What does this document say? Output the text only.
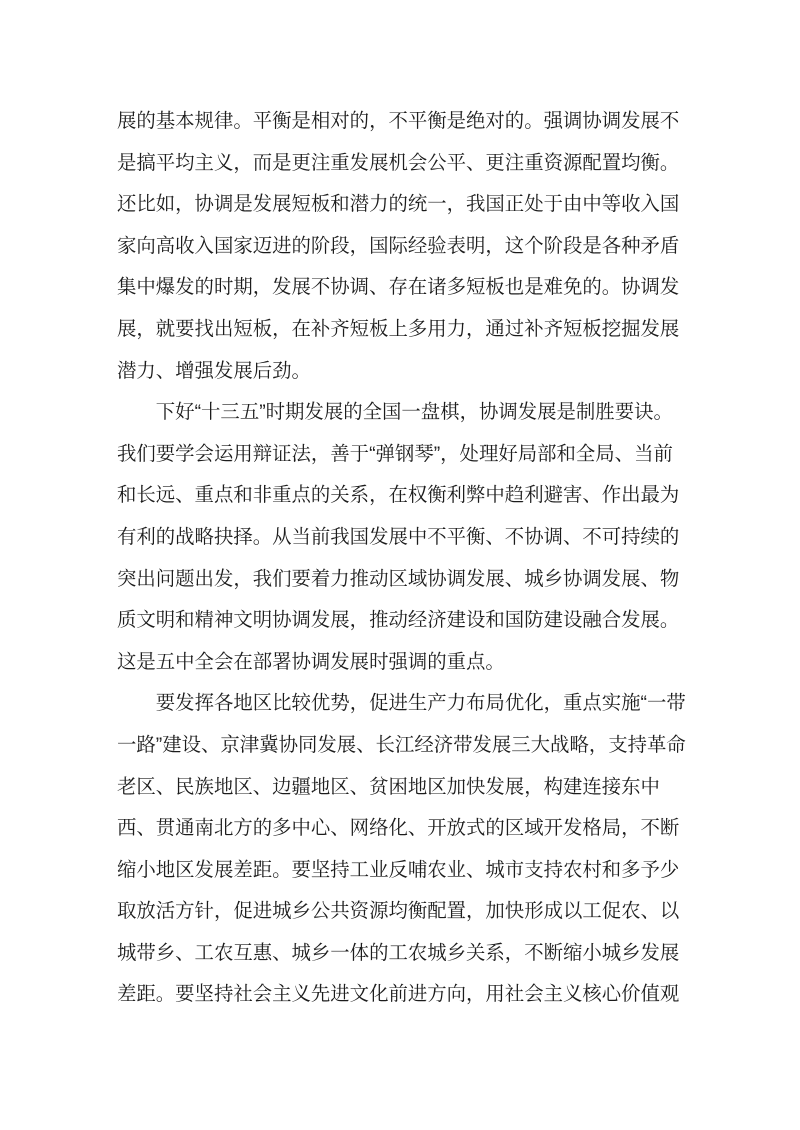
展的基本规律。平衡是相对的，不平衡是绝对的。强调协调发展不
是搞平均主义，而是更注重发展机会公平、更注重资源配置均衡。
还比如，协调是发展短板和潜力的统一，我国正处于由中等收入国
家向高收入国家迈进的阶段，国际经验表明，这个阶段是各种矛盾
集中爆发的时期，发展不协调、存在诸多短板也是难免的。协调发
展，就要找出短板，在补齐短板上多用力，通过补齐短板挖掘发展
潜力、增强发展后劲。
下好“十三五”时期发展的全国一盘棋，协调发展是制胜要诀。
我们要学会运用辩证法，善于“弹钢琴”，处理好局部和全局、当前
和长远、重点和非重点的关系，在权衡利弊中趋利避害、作出最为
有利的战略抉择。从当前我国发展中不平衡、不协调、不可持续的
突出问题出发，我们要着力推动区域协调发展、城乡协调发展、物
质文明和精神文明协调发展，推动经济建设和国防建设融合发展。
这是五中全会在部署协调发展时强调的重点。
要发挥各地区比较优势，促进生产力布局优化，重点实施“一带
一路”建设、京津冀协同发展、长江经济带发展三大战略，支持革命
老区、民族地区、边疆地区、贫困地区加快发展，构建连接东中
西、贯通南北方的多中心、网络化、开放式的区域开发格局，不断
缩小地区发展差距。要坚持工业反哺农业、城市支持农村和多予少
取放活方针，促进城乡公共资源均衡配置，加快形成以工促农、以
城带乡、工农互惠、城乡一体的工农城乡关系，不断缩小城乡发展
差距。要坚持社会主义先进文化前进方向，用社会主义核心价值观
